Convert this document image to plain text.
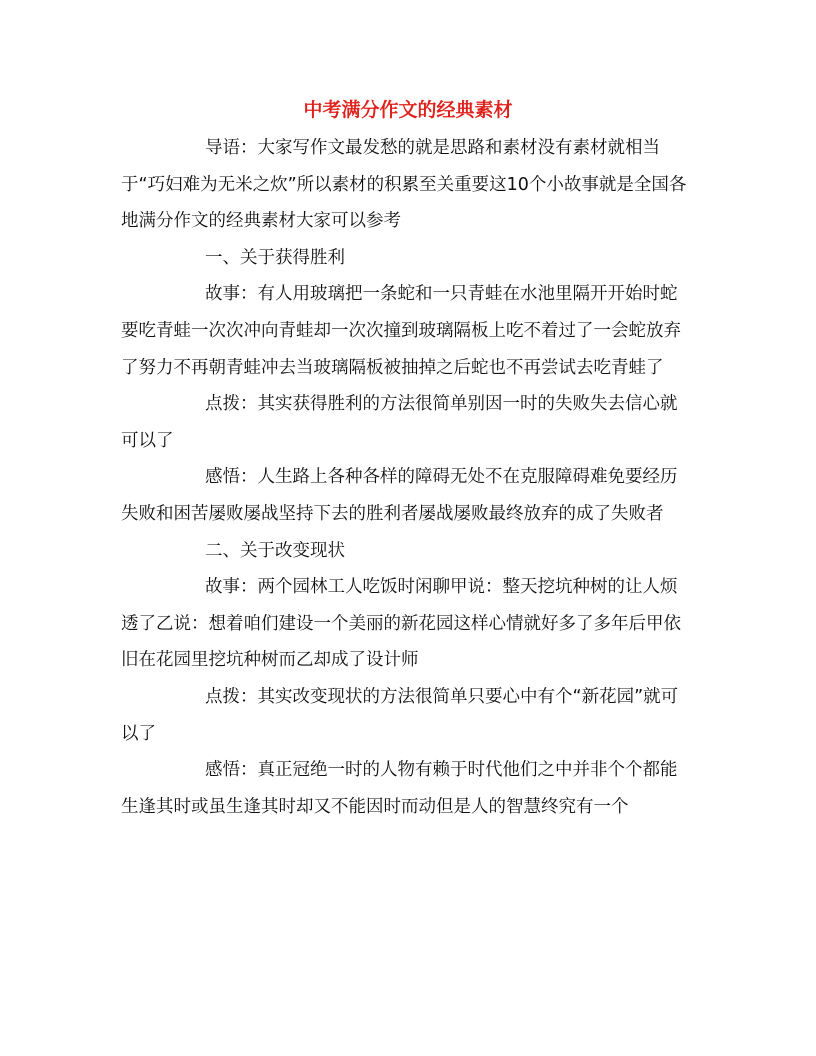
中考满分作文的经典素材

导语：大家写作文最发愁的就是思路和素材没有素材就相当于“巧妇难为无米之炊”所以素材的积累至关重要这10个小故事就是全国各地满分作文的经典素材大家可以参考

一、关于获得胜利

故事：有人用玻璃把一条蛇和一只青蛙在水池里隔开开始时蛇要吃青蛙一次次冲向青蛙却一次次撞到玻璃隔板上吃不着过了一会蛇放弃了努力不再朝青蛙冲去当玻璃隔板被抽掉之后蛇也不再尝试去吃青蛙了

点拨：其实获得胜利的方法很简单别因一时的失败失去信心就可以了

感悟：人生路上各种各样的障碍无处不在克服障碍难免要经历失败和困苦屡败屡战坚持下去的胜利者屡战屡败最终放弃的成了失败者

二、关于改变现状

故事：两个园林工人吃饭时闲聊甲说：整天挖坑种树的让人烦透了乙说：想着咱们建设一个美丽的新花园这样心情就好多了多年后甲依旧在花园里挖坑种树而乙却成了设计师

点拨：其实改变现状的方法很简单只要心中有个“新花园”就可以了

感悟：真正冠绝一时的人物有赖于时代他们之中并非个个都能生逢其时或虽生逢其时却又不能因时而动但是人的智慧终究有一个
